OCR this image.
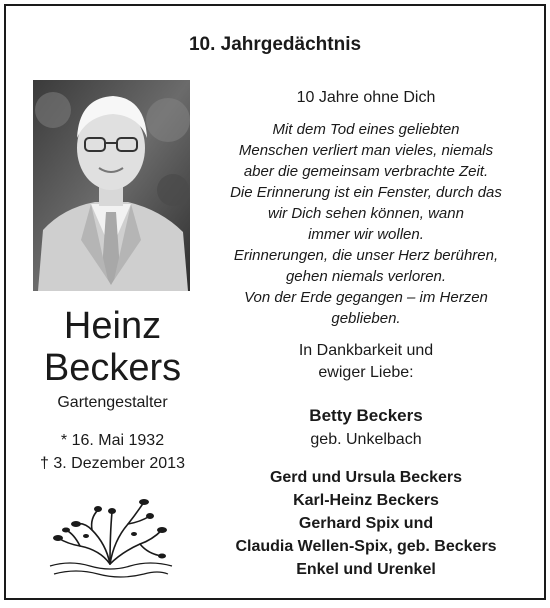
10. Jahrgedächtnis
Heinz
Beckers
Gartengestalter
* 16. Mai 1932
† 3. Dezember 2013
10 Jahre ohne Dich
Mit dem Tod eines geliebten
Menschen verliert man vieles, niemals
aber die gemeinsam verbrachte Zeit.
Die Erinnerung ist ein Fenster, durch das
wir Dich sehen können, wann
immer wir wollen.
Erinnerungen, die unser Herz berühren,
gehen niemals verloren.
Von der Erde gegangen – im Herzen
geblieben.
In Dankbarkeit und
ewiger Liebe:
Betty Beckers
geb. Unkelbach
Gerd und Ursula Beckers
Karl-Heinz Beckers
Gerhard Spix und
Claudia Wellen-Spix, geb. Beckers
Enkel und Urenkel
